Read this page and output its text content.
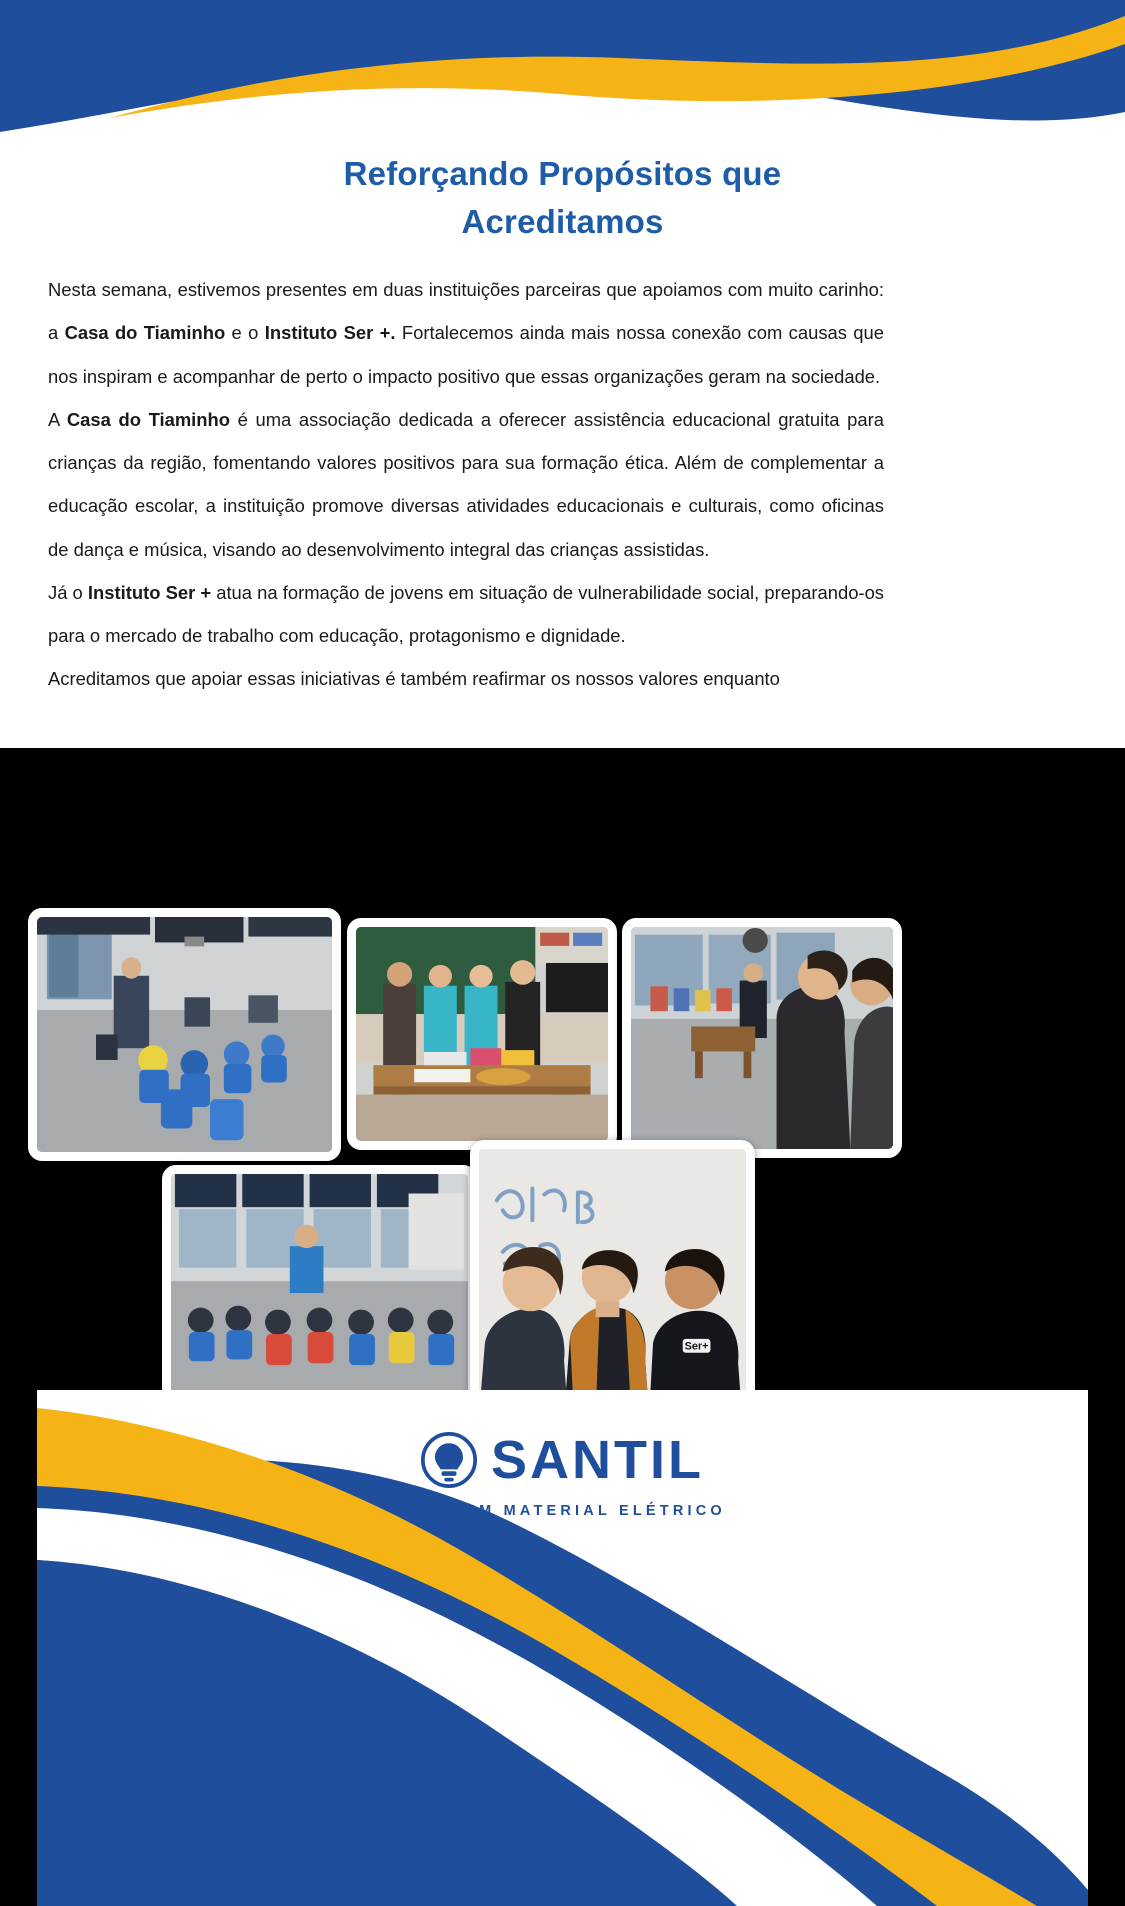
Reforçando Propósitos que
Acreditamos

Nesta semana, estivemos presentes em duas instituições parceiras que apoiamos com muito carinho: a Casa do Tiaminho e o Instituto Ser +. Fortalecemos ainda mais nossa conexão com causas que nos inspiram e acompanhar de perto o impacto positivo que essas organizações geram na sociedade.

A Casa do Tiaminho é uma associação dedicada a oferecer assistência educacional gratuita para crianças da região, fomentando valores positivos para sua formação ética. Além de complementar a educação escolar, a instituição promove diversas atividades educacionais e culturais, como oficinas de dança e música, visando ao desenvolvimento integral das crianças assistidas.

Já o Instituto Ser + atua na formação de jovens em situação de vulnerabilidade social, preparando-os para o mercado de trabalho com educação, protagonismo e dignidade.

Acreditamos que apoiar essas iniciativas é também reafirmar os nossos valores enquanto

Ser+
SANTIL
TUDO EM MATERIAL ELÉTRICO
